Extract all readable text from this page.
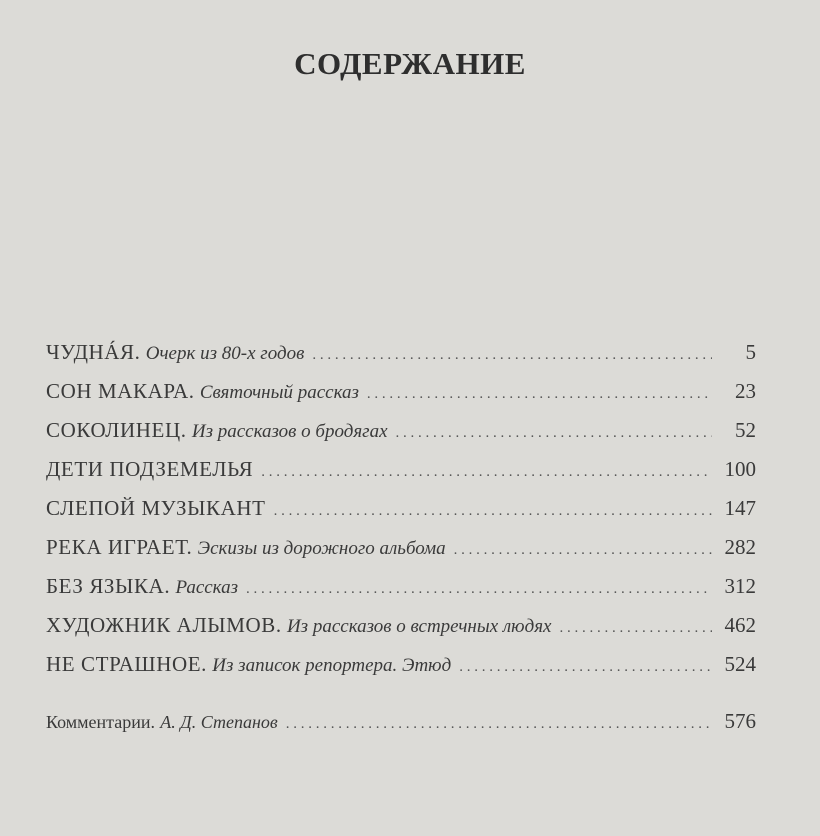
СОДЕРЖАНИЕ
ЧУДНÁЯ. Очерк из 80-х годов . . .	5
СОН МАКАРА. Святочный рассказ . . .	23
СОКОЛИНЕЦ. Из рассказов о бродягах . . .	52
ДЕТИ ПОДЗЕМЕЛЬЯ . . .	100
СЛЕПОЙ МУЗЫКАНТ . . .	147
РЕКА ИГРАЕТ. Эскизы из дорожного альбома . . .	282
БЕЗ ЯЗЫКА. Рассказ . . .	312
ХУДОЖНИК АЛЫМОВ. Из рассказов о встречных людях . . .	462
НЕ СТРАШНОЕ. Из записок репортера. Этюд . . .	524
Комментарии. А. Д. Степанов . . .	576
